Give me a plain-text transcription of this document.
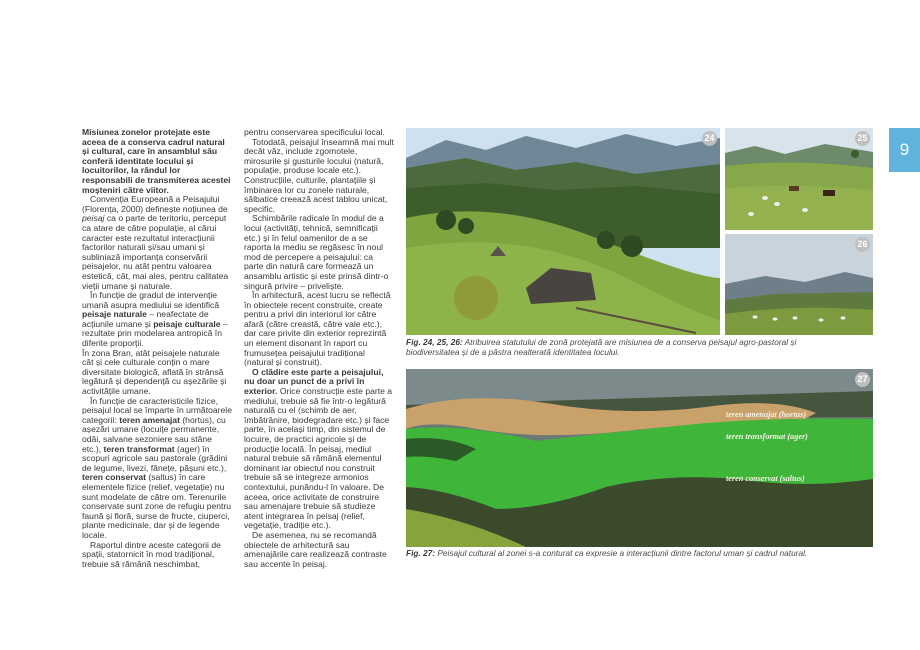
Misiunea zonelor protejate este aceea de a conserva cadrul natural și cultural, care în ansamblul său conferă identitate locului și locuitorilor, la rândul lor responsabili de transmiterea acestei moșteniri către viitor.

Convenția Europeană a Peisajului (Florența, 2000) definește noțiunea de peisaj ca o parte de teritoriu, perceput ca atare de către populație, al cărui caracter este rezultatul interacțiunii factorilor naturali și/sau umani și subliniază importanța conservării peisajelor, nu atât pentru valoarea estetică, cât, mai ales, pentru calitatea vieții umane și naturale.

În funcție de gradul de intervenție umană asupra mediului se identifică peisaje naturale – neafectate de acțiunile umane și peisaje culturale – rezultate prin modelarea antropică în diferite proporții.

În zona Bran, atât peisajele naturale cât și cele culturale conțin o mare diversitate biologică, aflată în strânsă legătură și dependență cu așezările și activitățile umane.

În funcție de caracteristicile fizice, peisajul local se împarte în următoarele categorii: teren amenajat (hortus), cu așezări umane (locuițe permanente, odăi, salvane sezoniere sau stâne etc.), teren transformat (ager) în scopuri agricole sau pastorale (grădini de legume, livezi, fânețe, pășuni etc.), teren conservat (saltus) în care elementele fizice (relief, vegetație) nu sunt modelate de către om. Terenurile conservate sunt zone de refugiu pentru faună și floră, surse de fructe, ciuperci, plante medicinale, dar și de legende locale.

Raportul dintre aceste categorii de spații, statornicit în mod tradițional, trebuie să rămână neschimbat,

pentru conservarea specificului local.

Totodată, peisajul înseamnă mai mult decât văz, include zgomotele, mirosurile și gusturile locului (natură, populație, produse locale etc.). Construcțiile, culturile, plantațiile și îmbinarea lor cu zonele naturale, sălbatice creează acest tablou unicat, specific.

Schimbările radicale în modul de a locui (activități, tehnică, semnificații etc.) și în felul oamenilor de a se raporta la mediu se regăsesc în noul mod de percepere a peisajului: ca parte din natură care formează un ansamblu artistic și este prinsă dintr-o singură privire – priveliște.

În arhitectură, acest lucru se reflectă în obiectele recent construite, create pentru a privi din interiorul lor către afară (către creastă, către vale etc.), dar care privite din exterior reprezintă un element disonant în raport cu frumusețea peisajului tradițional (natural și construit).

O clădire este parte a peisajului, nu doar un punct de a privi în exterior. Orice construcție este parte a mediului, trebuie să fie într-o legătură naturală cu el (schimb de aer, îmbătrânire, biodegradare etc.) și face parte, în același timp, din sistemul de locuire, de practici agricole și de producție locală. În peisaj, mediul natural trebuie să rămână elementul dominant iar obiectul nou construit trebuie să se integreze armonios contextului, punându-l în valoare. De aceea, orice activitate de construire sau amenajare trebuie să studieze atent integrarea în peisaj (relief, vegetație, tradiție etc.).

De asemenea, nu se recomandă obiectele de arhitectură sau amenajările care realizează contraste sau accente în peisaj.

24	25
26
Fig. 24, 25, 26: Atribuirea statutului de zonă protejată are misiunea de a conserva peisajul agro-pastoral și biodiversitatea și de a păstra nealterată identitatea locului.
27
teren amenajat (hortus)
teren transformat (ager)
teren conservat (saltus)
Fig. 27: Peisajul cultural al zonei s-a conturat ca expresie a interacțiunii dintre factorul uman și cadrul natural.
9
